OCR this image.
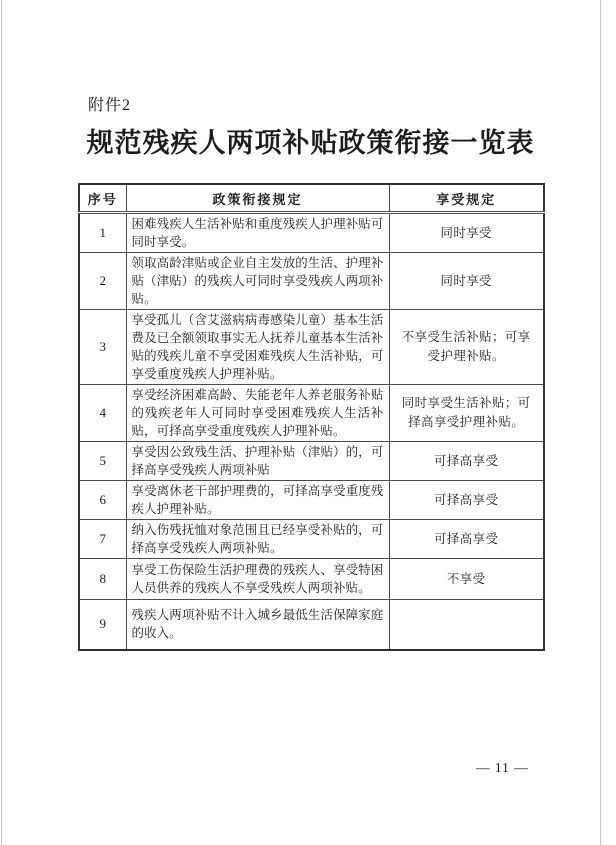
附件2
规范残疾人两项补贴政策衔接一览表
序号	政策衔接规定	享受规定
1	困难残疾人生活补贴和重度残疾人护理补贴可同时享受。	同时享受
2	领取高龄津贴或企业自主发放的生活、护理补贴（津贴）的残疾人可同时享受残疾人两项补贴。	同时享受
3	享受孤儿（含艾滋病病毒感染儿童）基本生活费及已全额领取事实无人抚养儿童基本生活补贴的残疾儿童不享受困难残疾人生活补贴，可享受重度残疾人护理补贴。	不享受生活补贴；可享受护理补贴。
4	享受经济困难高龄、失能老年人养老服务补贴的残疾老年人可同时享受困难残疾人生活补贴，可择高享受重度残疾人护理补贴。	同时享受生活补贴；可择高享受护理补贴。
5	享受因公致残生活、护理补贴（津贴）的，可择高享受残疾人两项补贴	可择高享受
6	享受离休老干部护理费的，可择高享受重度残疾人护理补贴。	可择高享受
7	纳入伤残抚恤对象范围且已经享受补贴的，可择高享受残疾人两项补贴。	可择高享受
8	享受工伤保险生活护理费的残疾人、享受特困人员供养的残疾人不享受残疾人两项补贴。	不享受
9	残疾人两项补贴不计入城乡最低生活保障家庭的收入。	
— 11 —
